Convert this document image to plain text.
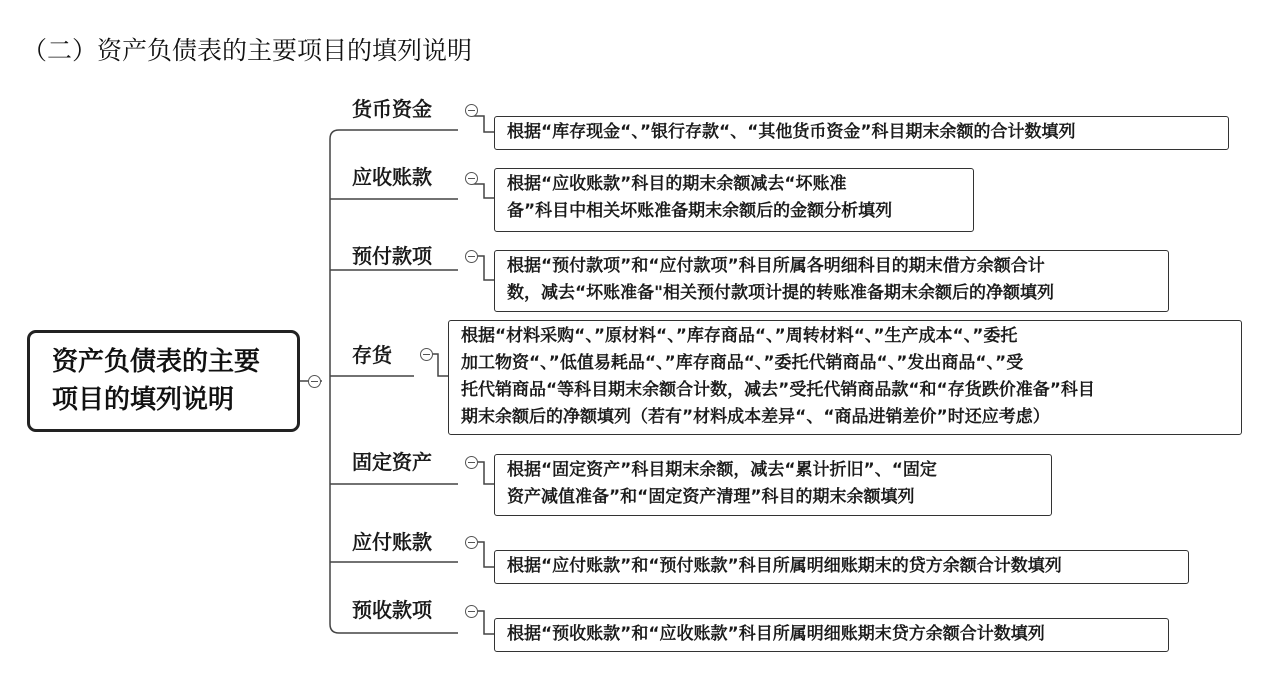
（二）资产负债表的主要项目的填列说明
资产负债表的主要
项目的填列说明
货币资金
根据“库存现金“、”银行存款“、“其他货币资金”科目期末余额的合计数填列
应收账款	根据“应收账款”科目的期末余额减去“坏账准
备”科目中相关坏账准备期末余额后的金额分析填列
预付款项	根据“预付款项”和“应付款项”科目所属各明细科目的期末借方余额合计
数，减去“坏账准备"相关预付款项计提的转账准备期末余额后的净额填列
存货
根据“材料采购“、”原材料“、”库存商品“、”周转材料“、”生产成本“、”委托
加工物资“、”低值易耗品“、”库存商品“、”委托代销商品“、”发出商品“、”受
托代销商品“等科目期末余额合计数，减去”受托代销商品款“和“存货跌价准备”科目
期末余额后的净额填列（若有”材料成本差异“、“商品进销差价”时还应考虑）
固定资产	根据“固定资产”科目期末余额，减去“累计折旧”、“固定
资产减值准备”和“固定资产清理”科目的期末余额填列
应付账款
根据“应付账款”和“预付账款”科目所属明细账期末的贷方余额合计数填列
预收款项
根据“预收账款”和“应收账款”科目所属明细账期末贷方余额合计数填列
